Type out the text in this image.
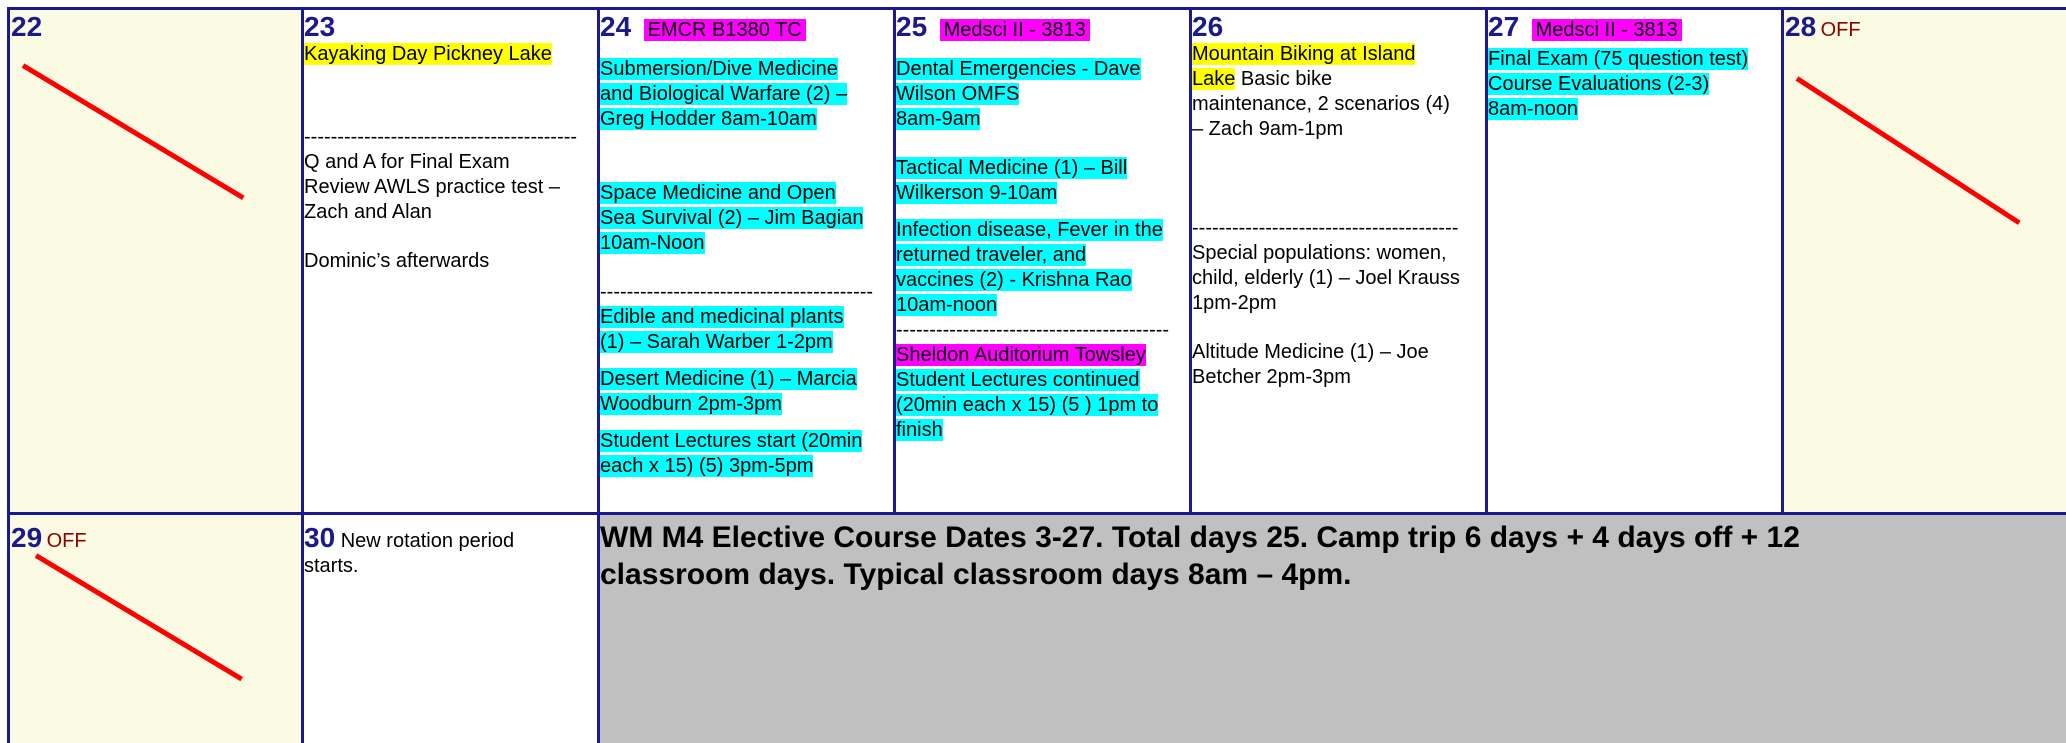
22	23
Kayaking Day Pickney Lake
-----------------------------------------
Q and A for Final Exam
Review AWLS practice test –
Zach and Alan
Dominic’s afterwards
24 EMCR B1380 TC
Submersion/Dive Medicine
and Biological Warfare (2) –
Greg Hodder 8am-10am
Space Medicine and Open
Sea Survival (2) – Jim Bagian
10am-Noon
-----------------------------------------
Edible and medicinal plants
(1) – Sarah Warber 1-2pm
Desert Medicine (1) – Marcia
Woodburn 2pm-3pm
Student Lectures start (20min
each x 15) (5) 3pm-5pm
25 Medsci II - 3813
Dental Emergencies - Dave
Wilson OMFS
8am-9am
Tactical Medicine (1) – Bill
Wilkerson 9-10am
Infection disease, Fever in the
returned traveler, and
vaccines (2) - Krishna Rao
10am-noon
-----------------------------------------
Sheldon Auditorium Towsley
Student Lectures continued
(20min each x 15) (5 ) 1pm to
finish
26
Mountain Biking at Island
Lake Basic bike
maintenance, 2 scenarios (4)
– Zach 9am-1pm
----------------------------------------
Special populations: women,
child, elderly (1) – Joel Krauss
1pm-2pm
Altitude Medicine (1) – Joe
Betcher 2pm-3pm
27 Medsci II - 3813
Final Exam (75 question test)
Course Evaluations (2-3)
8am-noon
28 OFF
29 OFF	30 New rotation period
starts.
WM M4 Elective Course Dates 3-27. Total days 25. Camp trip 6 days + 4 days off + 12
classroom days. Typical classroom days 8am – 4pm.
